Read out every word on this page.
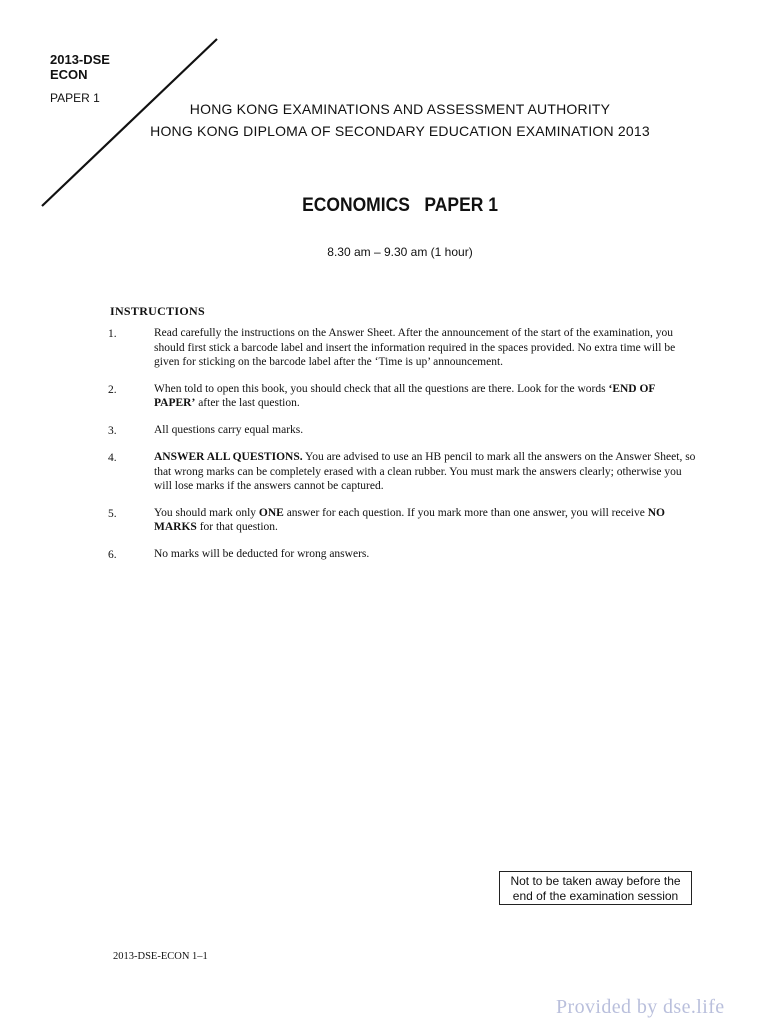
2013-DSE
ECON
PAPER 1
HONG KONG EXAMINATIONS AND ASSESSMENT AUTHORITY
HONG KONG DIPLOMA OF SECONDARY EDUCATION EXAMINATION 2013
ECONOMICS   PAPER 1
8.30 am – 9.30 am (1 hour)
INSTRUCTIONS
1.	Read carefully the instructions on the Answer Sheet. After the announcement of the start of the examination, you should first stick a barcode label and insert the information required in the spaces provided. No extra time will be given for sticking on the barcode label after the ‘Time is up’ announcement.
2.	When told to open this book, you should check that all the questions are there. Look for the words ‘END OF PAPER’ after the last question.
3.	All questions carry equal marks.
4.	ANSWER ALL QUESTIONS. You are advised to use an HB pencil to mark all the answers on the Answer Sheet, so that wrong marks can be completely erased with a clean rubber. You must mark the answers clearly; otherwise you will lose marks if the answers cannot be captured.
5.	You should mark only ONE answer for each question. If you mark more than one answer, you will receive NO MARKS for that question.
6.	No marks will be deducted for wrong answers.
Not to be taken away before the
end of the examination session
2013-DSE-ECON 1–1
Provided by dse.life
